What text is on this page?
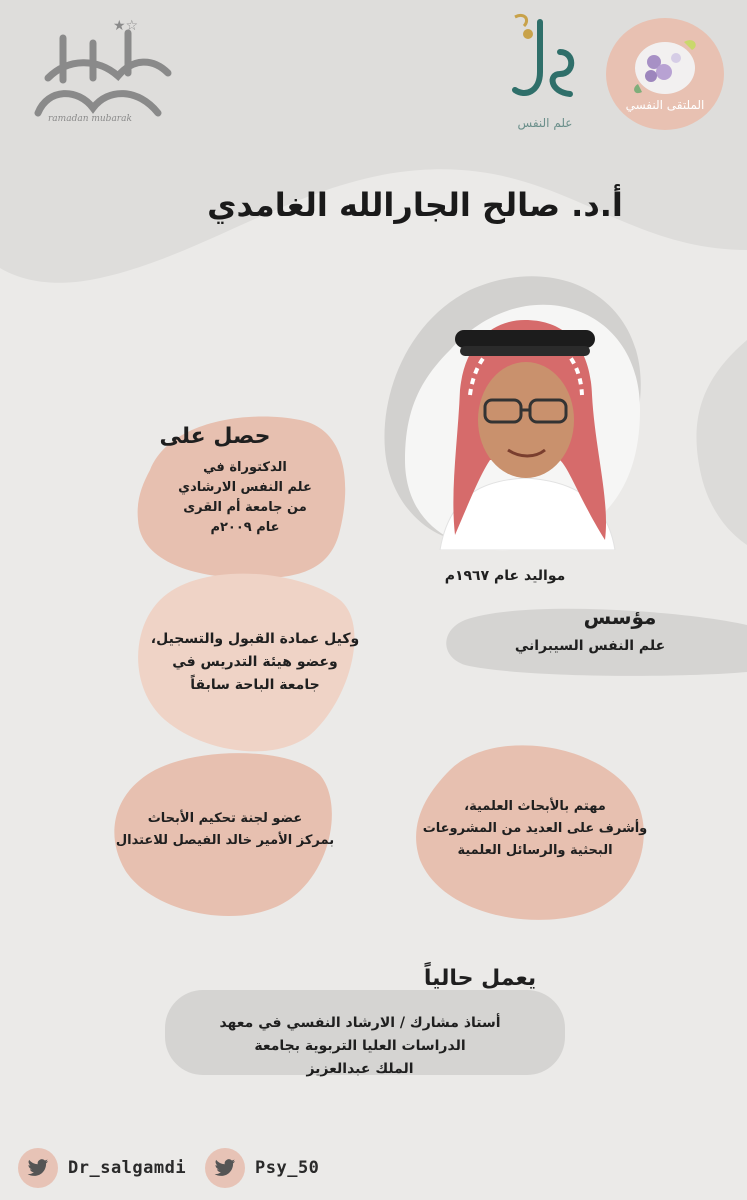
★☆
ramadan mubarak	علم النفس
الملتقى النفسي
أ.د. صالح الجارالله الغامدي
مواليد عام ١٩٦٧م
حصل على
الدكتوراة في
علم النفس الارشادي
من جامعة أم القرى
عام ٢٠٠٩م
وكيل عمادة القبول والتسجيل،
وعضو هيئة التدريس في
جامعة الباحة سابقاً
عضو لجنة تحكيم الأبحاث
بمركز الأمير خالد الفيصل للاعتدال
مؤسس
علم النفس السيبراني
مهتم بالأبحاث العلمية،
وأشرف على العديد من المشروعات
البحثية والرسائل العلمية
يعمل حالياً
أستاذ مشارك / الارشاد النفسي في معهد
الدراسات العليا التربوية بجامعة
الملك عبدالعزيز
Dr_salgamdi	Psy_50
